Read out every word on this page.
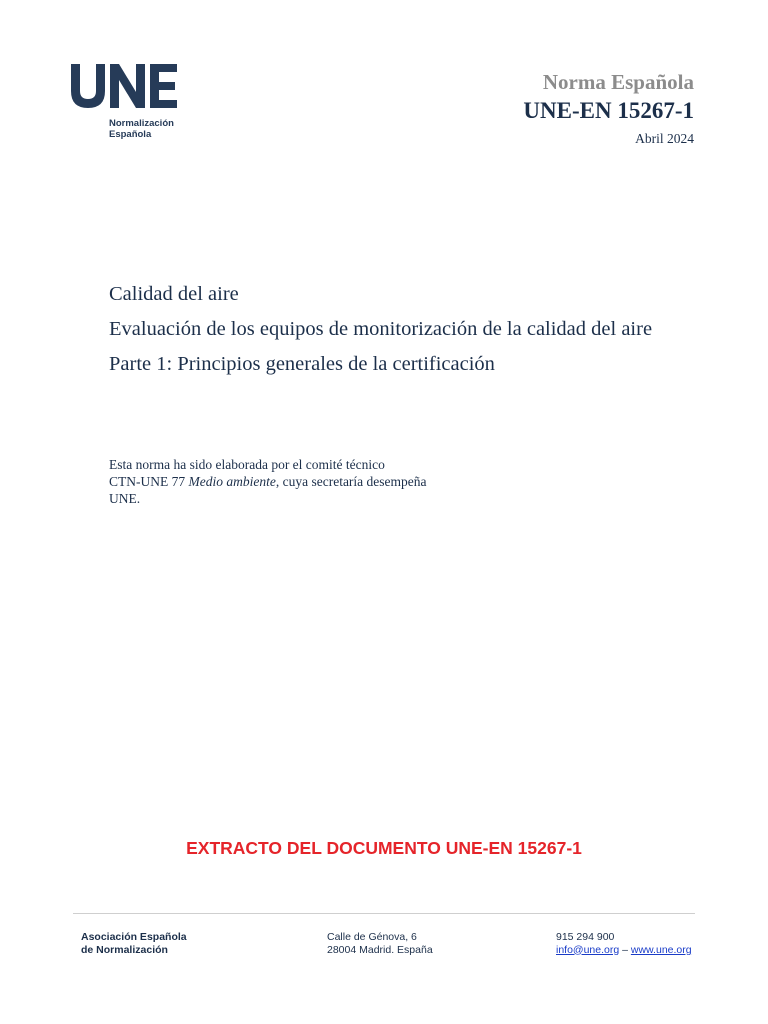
Normalización
Española
Norma Española
UNE-EN 15267-1
Abril 2024

Calidad del aire

Evaluación de los equipos de monitorización de la calidad del aire

Parte 1: Principios generales de la certificación

Esta norma ha sido elaborada por el comité técnico
CTN-UNE 77 Medio ambiente, cuya secretaría desempeña
UNE.
EXTRACTO DEL DOCUMENTO UNE-EN 15267-1
Asociación Española
de Normalización
Calle de Génova, 6
28004 Madrid. España
915 294 900
info@une.org – www.une.org
